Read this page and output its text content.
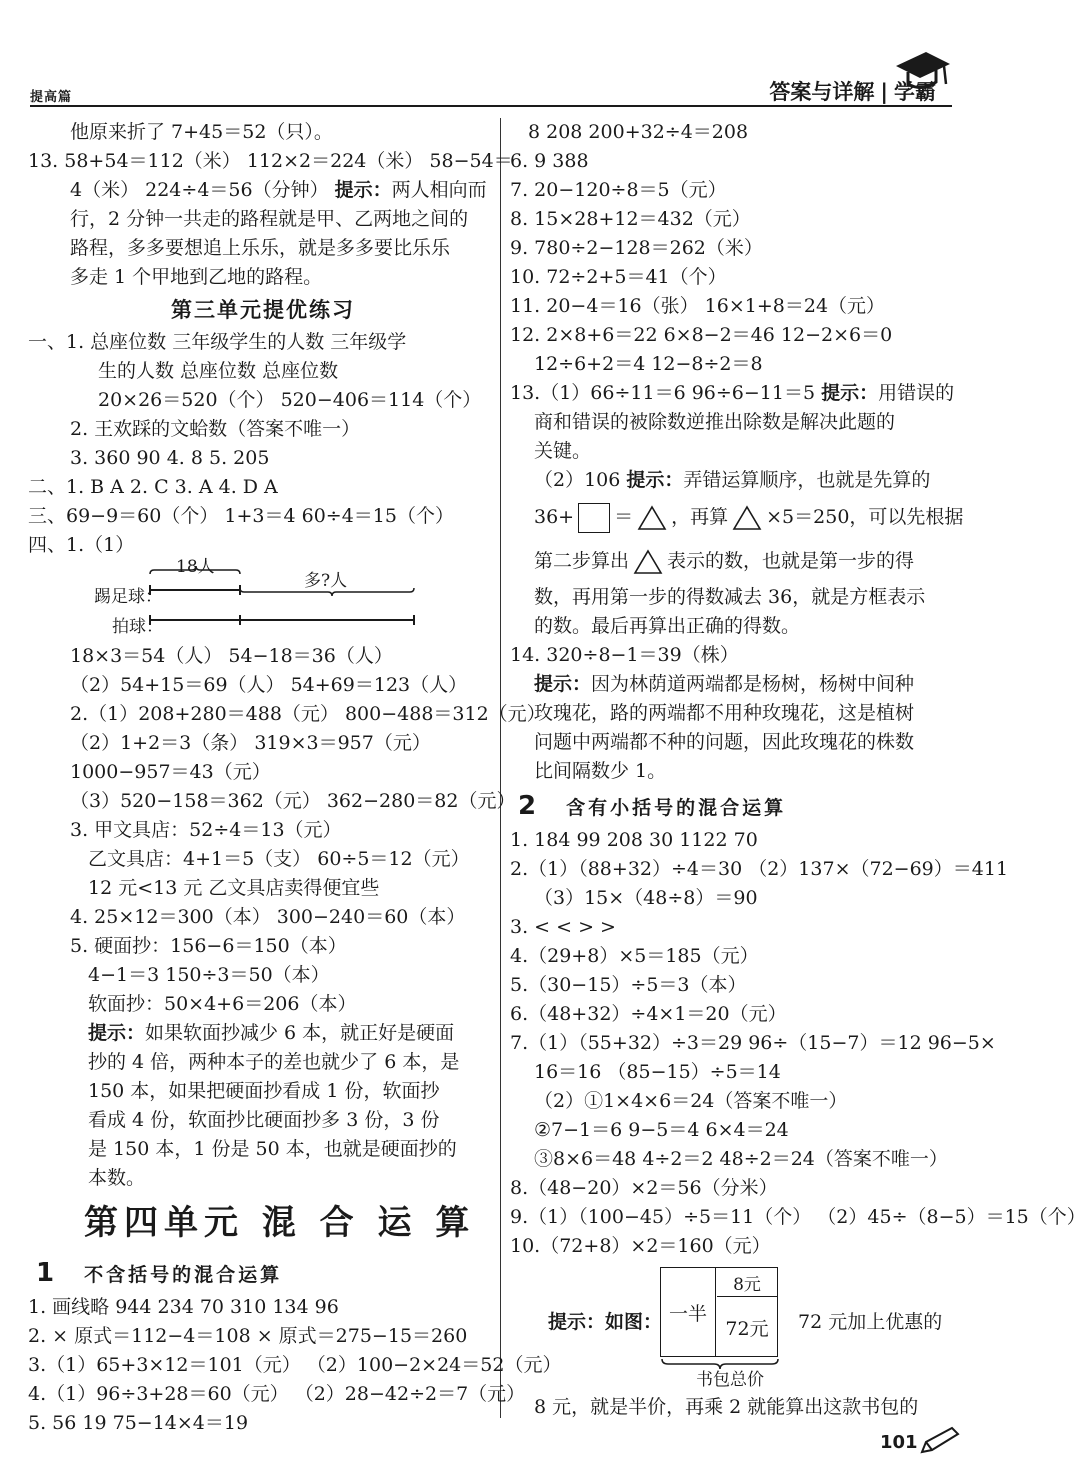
提高篇	答案与详解 | 学霸
他原来折了 7+45＝52（只）。
13. 58+54＝112（米） 112×2＝224（米） 58−54＝
4（米） 224÷4＝56（分钟） 提示：两人相向而
行，2 分钟一共走的路程就是甲、乙两地之间的
路程，多多要想追上乐乐，就是多多要比乐乐
多走 1 个甲地到乙地的路程。
第三单元提优练习
一、1. 总座位数 三年级学生的人数 三年级学
生的人数 总座位数 总座位数
20×26＝520（个） 520−406＝114（个）
2. 王欢踩的文蛤数（答案不唯一）
3. 360 90 4. 8 5. 205
二、1. B A 2. C 3. A 4. D A
三、69−9＝60（个） 1+3＝4 60÷4＝15（个）
四、1.（1）
踢足球：
拍球：
18人
多?人
18×3＝54（人） 54−18＝36（人）
（2）54+15＝69（人） 54+69＝123（人）
2.（1）208+280＝488（元） 800−488＝312（元）
（2）1+2＝3（条） 319×3＝957（元）
1000−957＝43（元）
（3）520−158＝362（元） 362−280＝82（元）
3. 甲文具店：52÷4＝13（元）
乙文具店：4+1＝5（支） 60÷5＝12（元）
12 元<13 元 乙文具店卖得便宜些
4. 25×12＝300（本） 300−240＝60（本）
5. 硬面抄：156−6＝150（本）
4−1＝3 150÷3＝50（本）
软面抄：50×4+6＝206（本）
提示：如果软面抄减少 6 本，就正好是硬面
抄的 4 倍，两种本子的差也就少了 6 本，是
150 本，如果把硬面抄看成 1 份，软面抄
看成 4 份，软面抄比硬面抄多 3 份，3 份
是 150 本，1 份是 50 本，也就是硬面抄的
本数。
第四单元 混 合 运 算
1 不含括号的混合运算
1. 画线略 944 234 70 310 134 96
2. × 原式＝112−4＝108 × 原式＝275−15＝260
3.（1）65+3×12＝101（元） （2）100−2×24＝52（元）
4.（1）96÷3+28＝60（元） （2）28−42÷2＝7（元）
5. 56 19 75−14×4＝19
8 208 200+32÷4＝208
6. 9 388
7. 20−120÷8＝5（元）
8. 15×28+12＝432（元）
9. 780÷2−128＝262（米）
10. 72÷2+5＝41（个）
11. 20−4＝16（张） 16×1+8＝24（元）
12. 2×8+6＝22 6×8−2＝46 12−2×6＝0
12÷6+2＝4 12−8÷2＝8
13.（1）66÷11＝6 96÷6−11＝5 提示：用错误的
商和错误的被除数逆推出除数是解决此题的
关键。
（2）106 提示：弄错运算顺序，也就是先算的
36+ ＝ ，再算 ×5＝250，可以先根据
第二步算出 表示的数，也就是第一步的得
数，再用第一步的得数减去 36，就是方框表示
的数。最后再算出正确的得数。
14. 320÷8−1＝39（株）
提示：因为林荫道两端都是杨树，杨树中间种
玫瑰花，路的两端都不用种玫瑰花，这是植树
问题中两端都不种的问题，因此玫瑰花的株数
比间隔数少 1。
2 含有小括号的混合运算
1. 184 99 208 30 1122 70
2.（1）（88+32）÷4＝30 （2）137×（72−69）＝411
（3）15×（48÷8）＝90
3. < < > >
4.（29+8）×5＝185（元）
5.（30−15）÷5＝3（本）
6.（48+32）÷4×1＝20（元）
7.（1）（55+32）÷3＝29 96÷（15−7）＝12 96−5×
16＝16 （85−15）÷5＝14
（2）①1×4×6＝24（答案不唯一）
②7−1＝6 9−5＝4 6×4＝24
③8×6＝48 4÷2＝2 48÷2＝24（答案不唯一）
8.（48−20）×2＝56（分米）
9.（1）（100−45）÷5＝11（个） （2）45÷（8−5）＝15（个）
10.（72+8）×2＝160（元）
提示：如图： 一半
8元
72元	72 元加上优惠的
书包总价
8 元，就是半价，再乘 2 就能算出这款书包的
101
